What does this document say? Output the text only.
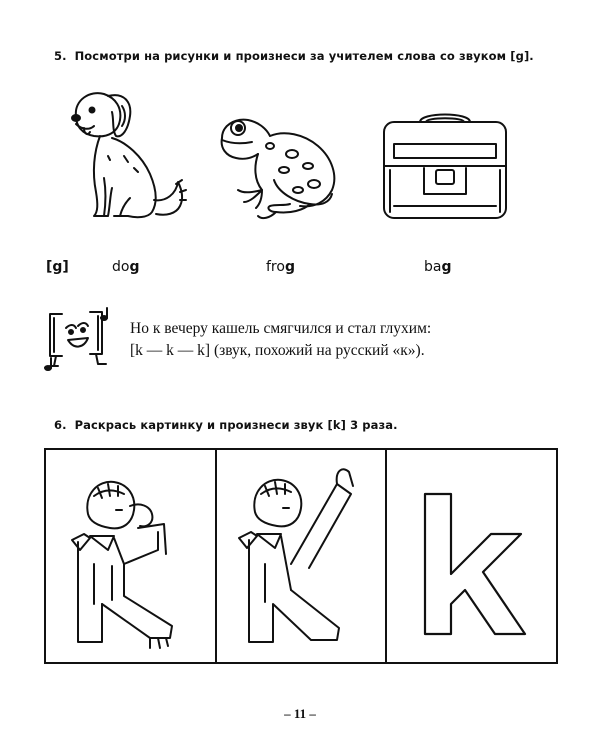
5. Посмотри на рисунки и произнеси за учителем слова со звуком [g].
[g]	dog	frog	bag
Но к вечеру кашель смягчился и стал глухим:
[k — k — k] (звук, похожий на русский «к»).
6. Раскрась картинку и произнеси звук [k] 3 раза.
– 11 –
